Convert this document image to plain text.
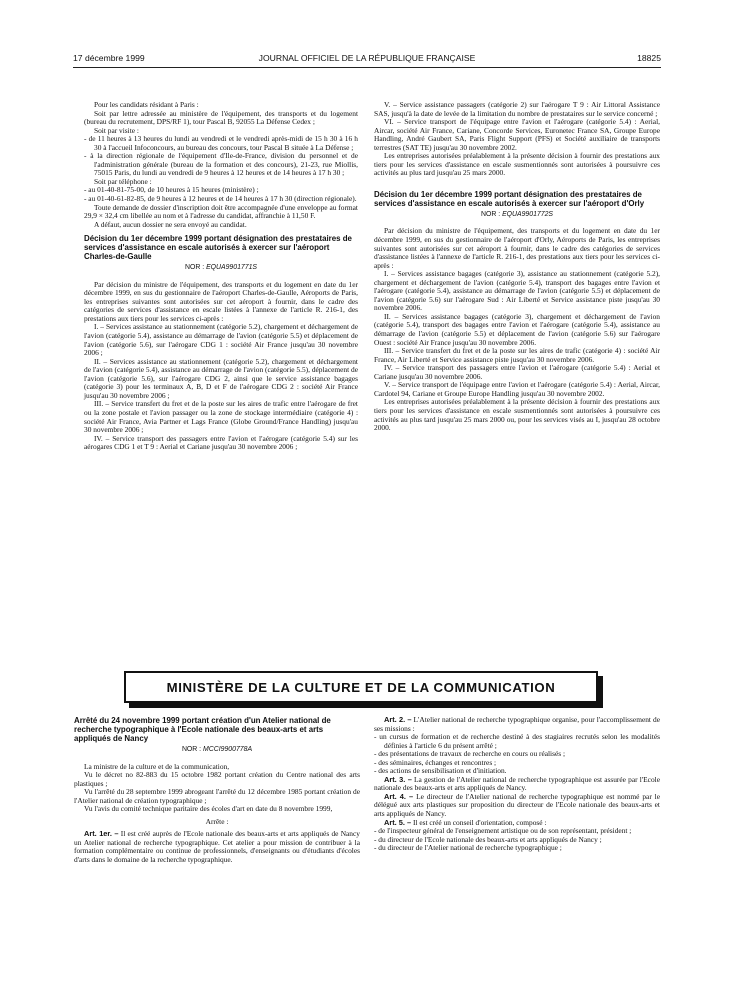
17 décembre 1999	JOURNAL OFFICIEL DE LA RÉPUBLIQUE FRANÇAISE	18825

Pour les candidats résidant à Paris :

Soit par lettre adressée au ministère de l'équipement, des transports et du logement (bureau du recrutement, DPS/RF 1), tour Pascal B, 92055 La Défense Cedex ;

Soit par visite :

- de 11 heures à 13 heures du lundi au vendredi et le vendredi après-midi de 15 h 30 à 16 h 30 à l'accueil Infoconcours, au bureau des concours, tour Pascal B située à La Défense ;

- à la direction régionale de l'équipement d'Ile-de-France, division du personnel et de l'administration générale (bureau de la formation et des concours), 21-23, rue Miollis, 75015 Paris, du lundi au vendredi de 9 heures à 12 heures et de 14 heures à 17 h 30 ;

Soit par téléphone :

- au 01-40-81-75-00, de 10 heures à 15 heures (ministère) ;

- au 01-40-61-82-85, de 9 heures à 12 heures et de 14 heures à 17 h 30 (direction régionale).

Toute demande de dossier d'inscription doit être accompagnée d'une enveloppe au format 29,9 × 32,4 cm libellée au nom et à l'adresse du candidat, affranchie à 11,50 F.

A défaut, aucun dossier ne sera envoyé au candidat.

Décision du 1er décembre 1999 portant désignation des prestataires de services d'assistance en escale autorisés à exercer sur l'aéroport Charles-de-Gaulle

NOR : EQUA9901771S

Par décision du ministre de l'équipement, des transports et du logement en date du 1er décembre 1999, en sus du gestionnaire de l'aéroport Charles-de-Gaulle, Aéroports de Paris, les entreprises suivantes sont autorisées sur cet aéroport à fournir, dans le cadre des catégories de services d'assistance en escale listées à l'annexe de l'article R. 216-1, des prestations aux tiers pour les services ci-après :

I. – Services assistance au stationnement (catégorie 5.2), chargement et déchargement de l'avion (catégorie 5.4), assistance au démarrage de l'avion (catégorie 5.5) et déplacement de l'avion (catégorie 5.6), sur l'aérogare CDG 1 : société Air France jusqu'au 30 novembre 2006 ;

II. – Services assistance au stationnement (catégorie 5.2), chargement et déchargement de l'avion (catégorie 5.4), assistance au démarrage de l'avion (catégorie 5.5), déplacement de l'avion (catégorie 5.6), sur l'aérogare CDG 2, ainsi que le service assistance bagages (catégorie 3) pour les terminaux A, B, D et F de l'aérogare CDG 2 : société Air France jusqu'au 30 novembre 2006 ;

III. – Service transfert du fret et de la poste sur les aires de trafic entre l'aérogare de fret ou la zone postale et l'avion passager ou la zone de stockage intermédiaire (catégorie 4) : société Air France, Avia Partner et Lags France (Globe Ground/France Handling) jusqu'au 30 novembre 2006 ;

IV. – Service transport des passagers entre l'avion et l'aérogare (catégorie 5.4) sur les aérogares CDG 1 et T 9 : Aerial et Cariane jusqu'au 30 novembre 2006 ;

V. – Service assistance passagers (catégorie 2) sur l'aérogare T 9 : Air Littoral Assistance SAS, jusqu'à la date de levée de la limitation du nombre de prestataires sur le service concerné ;

VI. – Service transport de l'équipage entre l'avion et l'aérogare (catégorie 5.4) : Aerial, Aircar, société Air France, Cariane, Concorde Services, Euronetec France SA, Groupe Europe Handling, André Gaubert SA, Paris Flight Support (PFS) et Société auxiliaire de transports terrestres (SAT TE) jusqu'au 30 novembre 2002.

Les entreprises autorisées préalablement à la présente décision à fournir des prestations aux tiers pour les services d'assistance en escale susmentionnés sont autorisées à poursuivre ces activités au plus tard jusqu'au 25 mars 2000.

Décision du 1er décembre 1999 portant désignation des prestataires de services d'assistance en escale autorisés à exercer sur l'aéroport d'Orly

NOR : EQUA9901772S

Par décision du ministre de l'équipement, des transports et du logement en date du 1er décembre 1999, en sus du gestionnaire de l'aéroport d'Orly, Aéroports de Paris, les entreprises suivantes sont autorisées sur cet aéroport à fournir, dans le cadre des catégories de services d'assistance listées à l'annexe de l'article R. 216-1, des prestations aux tiers pour les services ci-après :

I. – Services assistance bagages (catégorie 3), assistance au stationnement (catégorie 5.2), chargement et déchargement de l'avion (catégorie 5.4), transport des bagages entre l'avion et l'aérogare (catégorie 5.4), assistance au démarrage de l'avion (catégorie 5.5) et déplacement de l'avion (catégorie 5.6) sur l'aérogare Sud : Air Liberté et Service assistance piste jusqu'au 30 novembre 2006.

II. – Services assistance bagages (catégorie 3), chargement et déchargement de l'avion (catégorie 5.4), transport des bagages entre l'avion et l'aérogare (catégorie 5.4), assistance au démarrage de l'avion (catégorie 5.5) et déplacement de l'avion (catégorie 5.6) sur l'aérogare Ouest : société Air France jusqu'au 30 novembre 2006.

III. – Service transfert du fret et de la poste sur les aires de trafic (catégorie 4) : société Air France, Air Liberté et Service assistance piste jusqu'au 30 novembre 2006.

IV. – Service transport des passagers entre l'avion et l'aérogare (catégorie 5.4) : Aerial et Cariane jusqu'au 30 novembre 2006.

V. – Service transport de l'équipage entre l'avion et l'aérogare (catégorie 5.4) : Aerial, Aircar, Cardotel 94, Cariane et Groupe Europe Handling jusqu'au 30 novembre 2002.

Les entreprises autorisées préalablement à la présente décision à fournir des prestations aux tiers pour les services d'assistance en escale susmentionnés sont autorisées à poursuivre ces activités au plus tard jusqu'au 25 mars 2000 ou, pour les services visés au I, jusqu'au 28 octobre 2000.

MINISTÈRE DE LA CULTURE ET DE LA COMMUNICATION

Arrêté du 24 novembre 1999 portant création d'un Atelier national de recherche typographique à l'Ecole nationale des beaux-arts et arts appliqués de Nancy

NOR : MCCI9900778A

La ministre de la culture et de la communication,

Vu le décret no 82-883 du 15 octobre 1982 portant création du Centre national des arts plastiques ;

Vu l'arrêté du 28 septembre 1999 abrogeant l'arrêté du 12 décembre 1985 portant création de l'Atelier national de création typographique ;

Vu l'avis du comité technique paritaire des écoles d'art en date du 8 novembre 1999,

Arrête :

Art. 1er. – Il est créé auprès de l'Ecole nationale des beaux-arts et arts appliqués de Nancy un Atelier national de recherche typographique. Cet atelier a pour mission de contribuer à la formation complémentaire ou continue de professionnels, d'enseignants ou d'étudiants d'écoles d'arts dans le domaine de la recherche typographique.

Art. 2. – L'Atelier national de recherche typographique organise, pour l'accomplissement de ses missions :

- un cursus de formation et de recherche destiné à des stagiaires recrutés selon les modalités définies à l'article 6 du présent arrêté ;

- des présentations de travaux de recherche en cours ou réalisés ;

- des séminaires, échanges et rencontres ;

- des actions de sensibilisation et d'initiation.

Art. 3. – La gestion de l'Atelier national de recherche typographique est assurée par l'Ecole nationale des beaux-arts et arts appliqués de Nancy.

Art. 4. – Le directeur de l'Atelier national de recherche typographique est nommé par le délégué aux arts plastiques sur proposition du directeur de l'Ecole nationale des beaux-arts et arts appliqués de Nancy.

Art. 5. – Il est créé un conseil d'orientation, composé :

- de l'inspecteur général de l'enseignement artistique ou de son représentant, président ;

- du directeur de l'Ecole nationale des beaux-arts et arts appliqués de Nancy ;

- du directeur de l'Atelier national de recherche typographique ;
